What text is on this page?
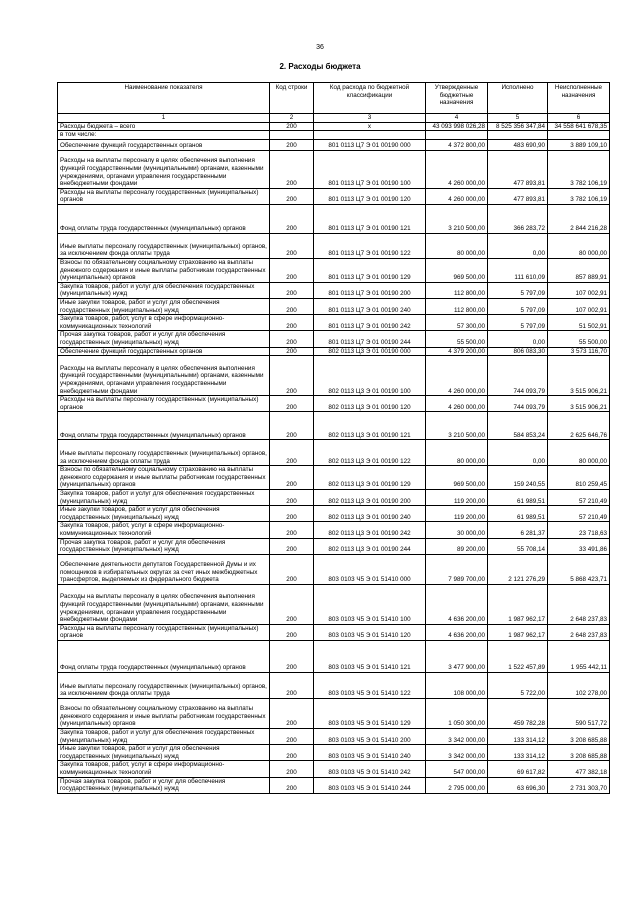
36
2. Расходы бюджета
Наименование показателя	Код строки	Код расхода по бюджетной классификации	Утвержденные бюджетные назначения	Исполнено	Неисполненные назначения
1	2	3	4	5	6
Расходы бюджета – всего	200	x	43 093 998 026,28	8 525 356 347,84	34 558 641 678,35
в том числе:					
Обеспечение функций государственных органов	200	801 0113 Ц7 Э 01 00190 000	4 372 800,00	483 690,90	3 889 109,10
Расходы на выплаты персоналу в целях обеспечения выполнения функций государственными (муниципальными) органами, казенными учреждениями, органами управления государственными внебюджетными фондами	200	801 0113 Ц7 Э 01 00190 100	4 260 000,00	477 893,81	3 782 106,19
Расходы на выплаты персоналу государственных (муниципальных) органов	200	801 0113 Ц7 Э 01 00190 120	4 260 000,00	477 893,81	3 782 106,19
Фонд оплаты труда государственных (муниципальных) органов	200	801 0113 Ц7 Э 01 00190 121	3 210 500,00	366 283,72	2 844 216,28
Иные выплаты персоналу государственных (муниципальных) органов, за исключением фонда оплаты труда	200	801 0113 Ц7 Э 01 00190 122	80 000,00	0,00	80 000,00
Взносы по обязательному социальному страхованию на выплаты денежного содержания и иные выплаты работникам государственных (муниципальных) органов	200	801 0113 Ц7 Э 01 00190 129	969 500,00	111 610,09	857 889,91
Закупка товаров, работ и услуг для обеспечения государственных (муниципальных) нужд	200	801 0113 Ц7 Э 01 00190 200	112 800,00	5 797,09	107 002,91
Иные закупки товаров, работ и услуг для обеспечения государственных (муниципальных) нужд	200	801 0113 Ц7 Э 01 00190 240	112 800,00	5 797,09	107 002,91
Закупка товаров, работ, услуг в сфере информационно-коммуникационных технологий	200	801 0113 Ц7 Э 01 00190 242	57 300,00	5 797,09	51 502,91
Прочая закупка товаров, работ и услуг для обеспечения государственных (муниципальных) нужд	200	801 0113 Ц7 Э 01 00190 244	55 500,00	0,00	55 500,00
Обеспечение функций государственных органов	200	802 0113 Ц3 Э 01 00190 000	4 379 200,00	806 083,30	3 573 116,70
Расходы на выплаты персоналу в целях обеспечения выполнения функций государственными (муниципальными) органами, казенными учреждениями, органами управления государственными внебюджетными фондами	200	802 0113 Ц3 Э 01 00190 100	4 260 000,00	744 093,79	3 515 906,21
Расходы на выплаты персоналу государственных (муниципальных) органов	200	802 0113 Ц3 Э 01 00190 120	4 260 000,00	744 093,79	3 515 906,21
Фонд оплаты труда государственных (муниципальных) органов	200	802 0113 Ц3 Э 01 00190 121	3 210 500,00	584 853,24	2 625 646,76
Иные выплаты персоналу государственных (муниципальных) органов, за исключением фонда оплаты труда	200	802 0113 Ц3 Э 01 00190 122	80 000,00	0,00	80 000,00
Взносы по обязательному социальному страхованию на выплаты денежного содержания и иные выплаты работникам государственных (муниципальных) органов	200	802 0113 Ц3 Э 01 00190 129	969 500,00	159 240,55	810 259,45
Закупка товаров, работ и услуг для обеспечения государственных (муниципальных) нужд	200	802 0113 Ц3 Э 01 00190 200	119 200,00	61 989,51	57 210,49
Иные закупки товаров, работ и услуг для обеспечения государственных (муниципальных) нужд	200	802 0113 Ц3 Э 01 00190 240	119 200,00	61 989,51	57 210,49
Закупка товаров, работ, услуг в сфере информационно-коммуникационных технологий	200	802 0113 Ц3 Э 01 00190 242	30 000,00	6 281,37	23 718,63
Прочая закупка товаров, работ и услуг для обеспечения государственных (муниципальных) нужд	200	802 0113 Ц3 Э 01 00190 244	89 200,00	55 708,14	33 491,86
Обеспечение деятельности депутатов Государственной Думы и их помощников в избирательных округах за счет иных межбюджетных трансфертов, выделяемых из федерального бюджета	200	803 0103 Ч5 Э 01 51410 000	7 989 700,00	2 121 276,29	5 868 423,71
Расходы на выплаты персоналу в целях обеспечения выполнения функций государственными (муниципальными) органами, казенными учреждениями, органами управления государственными внебюджетными фондами	200	803 0103 Ч5 Э 01 51410 100	4 636 200,00	1 987 962,17	2 648 237,83
Расходы на выплаты персоналу государственных (муниципальных) органов	200	803 0103 Ч5 Э 01 51410 120	4 636 200,00	1 987 962,17	2 648 237,83
Фонд оплаты труда государственных (муниципальных) органов	200	803 0103 Ч5 Э 01 51410 121	3 477 900,00	1 522 457,89	1 955 442,11
Иные выплаты персоналу государственных (муниципальных) органов, за исключением фонда оплаты труда	200	803 0103 Ч5 Э 01 51410 122	108 000,00	5 722,00	102 278,00
Взносы по обязательному социальному страхованию на выплаты денежного содержания и иные выплаты работникам государственных (муниципальных) органов	200	803 0103 Ч5 Э 01 51410 129	1 050 300,00	459 782,28	590 517,72
Закупка товаров, работ и услуг для обеспечения государственных (муниципальных) нужд	200	803 0103 Ч5 Э 01 51410 200	3 342 000,00	133 314,12	3 208 685,88
Иные закупки товаров, работ и услуг для обеспечения государственных (муниципальных) нужд	200	803 0103 Ч5 Э 01 51410 240	3 342 000,00	133 314,12	3 208 685,88
Закупка товаров, работ, услуг в сфере информационно-коммуникационных технологий	200	803 0103 Ч5 Э 01 51410 242	547 000,00	69 617,82	477 382,18
Прочая закупка товаров, работ и услуг для обеспечения государственных (муниципальных) нужд	200	803 0103 Ч5 Э 01 51410 244	2 795 000,00	63 696,30	2 731 303,70
